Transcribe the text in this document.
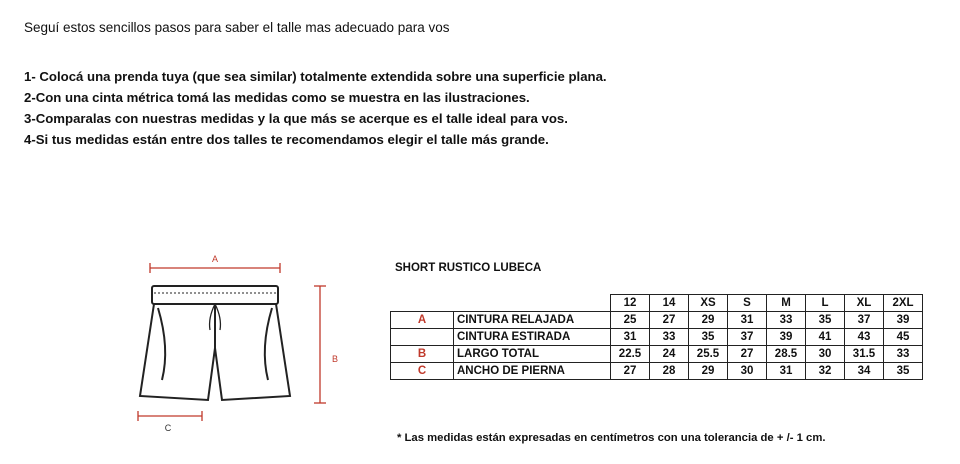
Seguí estos sencillos pasos para saber el talle mas adecuado para vos
1- Colocá una prenda tuya (que sea similar) totalmente extendida sobre una superficie plana.
2-Con una cinta métrica tomá las medidas como se muestra en las ilustraciones.
3-Comparalas con nuestras medidas y la que más se acerque es el talle ideal para vos.
4-Si tus medidas están entre dos talles te recomendamos elegir el talle más grande.
A
B
C
SHORT RUSTICO LUBECA
		12	14	XS	S	M	L	XL	2XL
A	CINTURA RELAJADA	25	27	29	31	33	35	37	39
	CINTURA ESTIRADA	31	33	35	37	39	41	43	45
B	LARGO TOTAL	22.5	24	25.5	27	28.5	30	31.5	33
C	ANCHO DE PIERNA	27	28	29	30	31	32	34	35
* Las medidas están expresadas en centímetros con una tolerancia de + /- 1 cm.
